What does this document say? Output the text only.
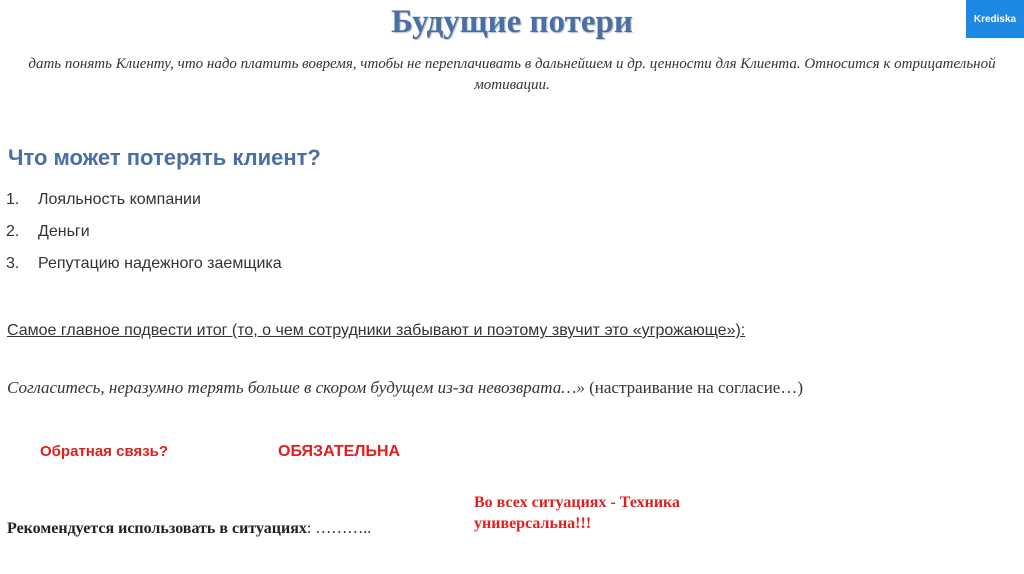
Будущие потери	Krediska
дать понять Клиенту, что надо платить вовремя, чтобы не переплачивать в дальнейшем и др. ценности для Клиента. Относится к отрицательной мотивации.
Что может потерять клиент?
1.	Лояльность компании
2.	Деньги
3.	Репутацию надежного заемщика
Самое главное подвести итог (то, о чем сотрудники забывают и поэтому звучит это «угрожающе»):
Согласитесь, неразумно терять больше в скором будущем из-за невозврата…» (настраивание на согласие…)
Обратная связь?	ОБЯЗАТЕЛЬНА
Во всех ситуациях - Техника универсальна!!!
Рекомендуется использовать в ситуациях: ………..
